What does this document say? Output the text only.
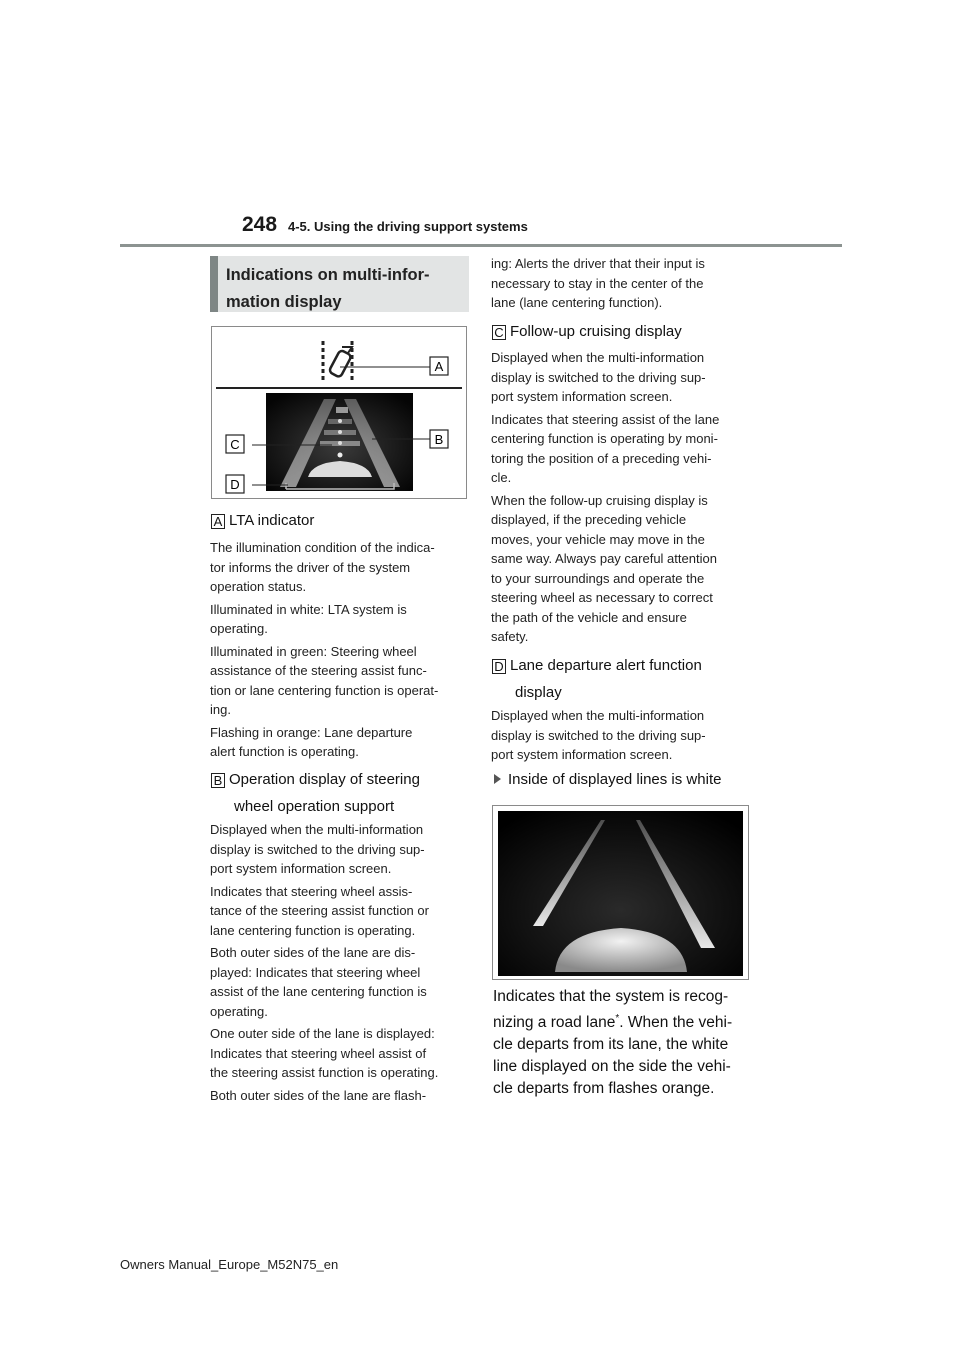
248 4-5. Using the driving support systems
Indications on multi-infor-
mation display
A
B
C
D
A LTA indicator

The illumination condition of the indica-
tor informs the driver of the system
operation status.

Illuminated in white: LTA system is
operating.

Illuminated in green: Steering wheel
assistance of the steering assist func-
tion or lane centering function is operat-
ing.

Flashing in orange: Lane departure
alert function is operating.

B Operation display of steering
wheel operation support

Displayed when the multi-information
display is switched to the driving sup-
port system information screen.

Indicates that steering wheel assis-
tance of the steering assist function or
lane centering function is operating.

Both outer sides of the lane are dis-
played: Indicates that steering wheel
assist of the lane centering function is
operating.

One outer side of the lane is displayed:
Indicates that steering wheel assist of
the steering assist function is operating.

Both outer sides of the lane are flash-

ing: Alerts the driver that their input is
necessary to stay in the center of the
lane (lane centering function).
C Follow-up cruising display

Displayed when the multi-information
display is switched to the driving sup-
port system information screen.

Indicates that steering assist of the lane
centering function is operating by moni-
toring the position of a preceding vehi-
cle.

When the follow-up cruising display is
displayed, if the preceding vehicle
moves, your vehicle may move in the
same way. Always pay careful attention
to your surroundings and operate the
steering wheel as necessary to correct
the path of the vehicle and ensure
safety.

D Lane departure alert function
display

Displayed when the multi-information
display is switched to the driving sup-
port system information screen.

Inside of displayed lines is white
Indicates that the system is recog-
nizing a road lane*. When the vehi-
cle departs from its lane, the white
line displayed on the side the vehi-
cle departs from flashes orange.
Owners Manual_Europe_M52N75_en
